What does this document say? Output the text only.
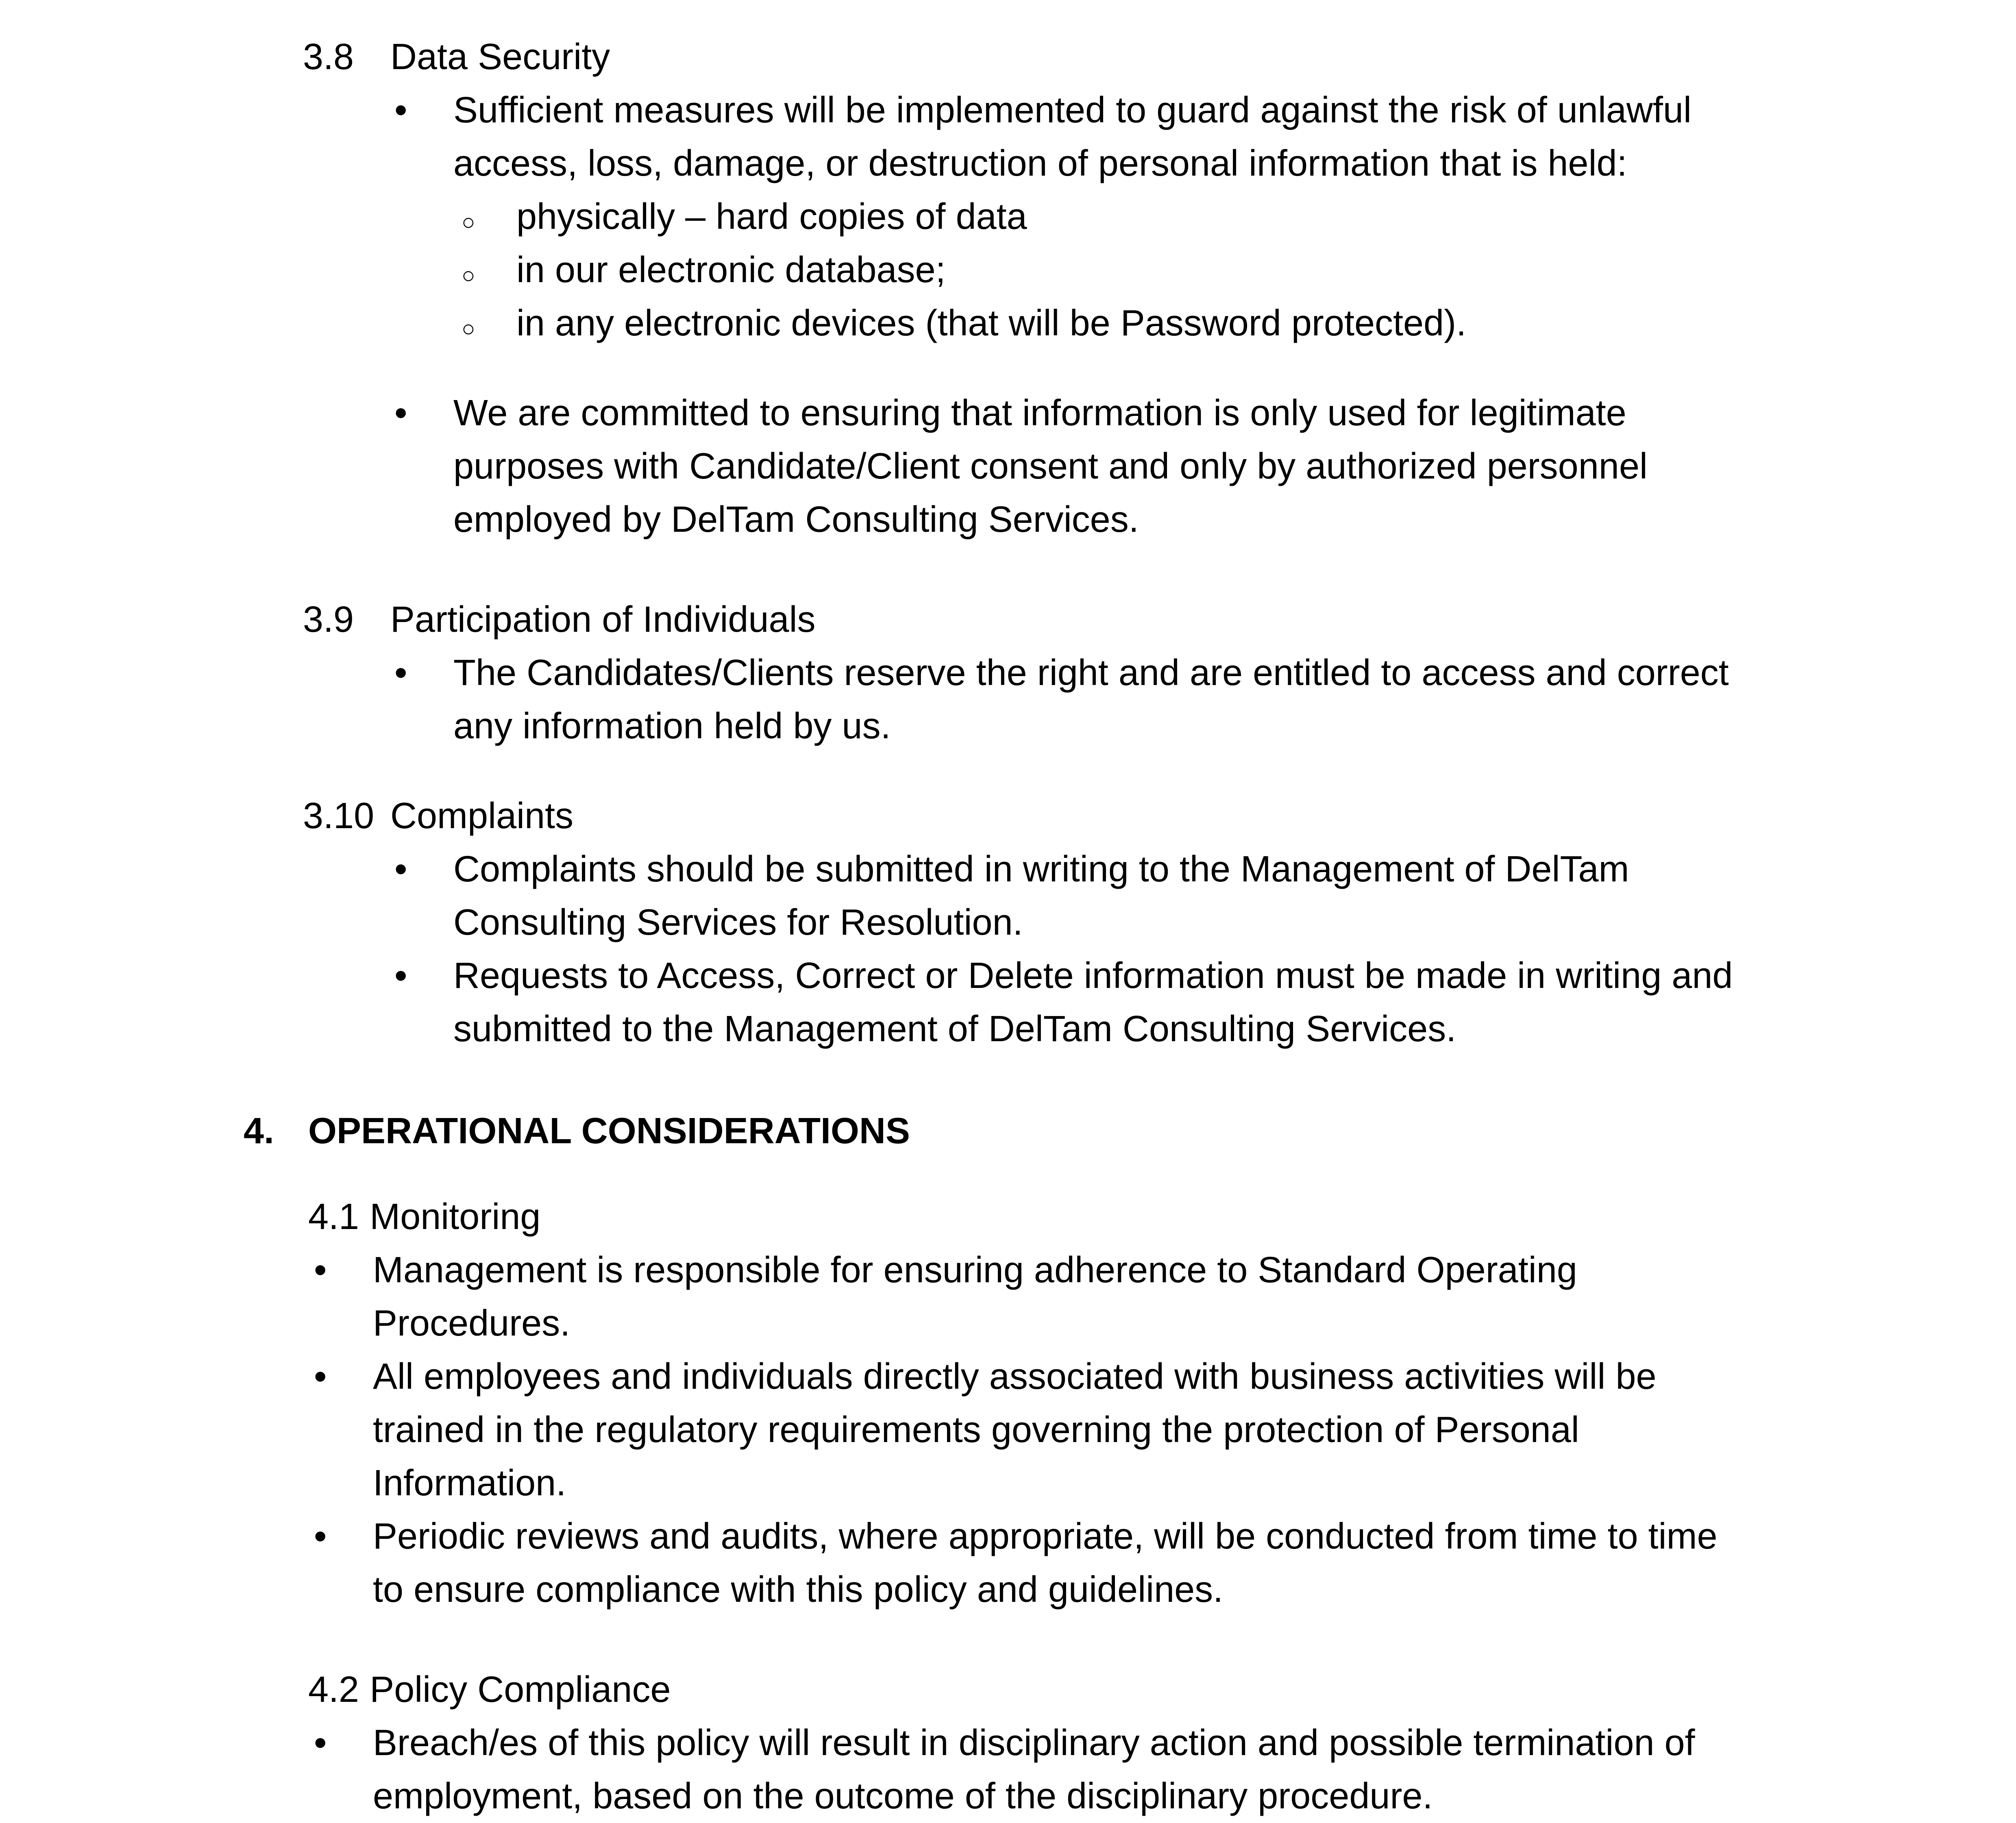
3.8 Data Security
•	Sufficient measures will be implemented to guard against the risk of unlawful
access, loss, damage, or destruction of personal information that is held:
○	physically – hard copies of data
○	in our electronic database;
○	in any electronic devices (that will be Password protected).
•	We are committed to ensuring that information is only used for legitimate
purposes with Candidate/Client consent and only by authorized personnel
employed by DelTam Consulting Services.
3.9 Participation of Individuals
•	The Candidates/Clients reserve the right and are entitled to access and correct
any information held by us.
3.10 Complaints
•	Complaints should be submitted in writing to the Management of DelTam
Consulting Services for Resolution.
•	Requests to Access, Correct or Delete information must be made in writing and
submitted to the Management of DelTam Consulting Services.
4. OPERATIONAL CONSIDERATIONS
4.1 Monitoring
•	Management is responsible for ensuring adherence to Standard Operating
Procedures.
•	All employees and individuals directly associated with business activities will be
trained in the regulatory requirements governing the protection of Personal
Information.
•	Periodic reviews and audits, where appropriate, will be conducted from time to time
to ensure compliance with this policy and guidelines.
4.2 Policy Compliance
•	Breach/es of this policy will result in disciplinary action and possible termination of
employment, based on the outcome of the disciplinary procedure.
